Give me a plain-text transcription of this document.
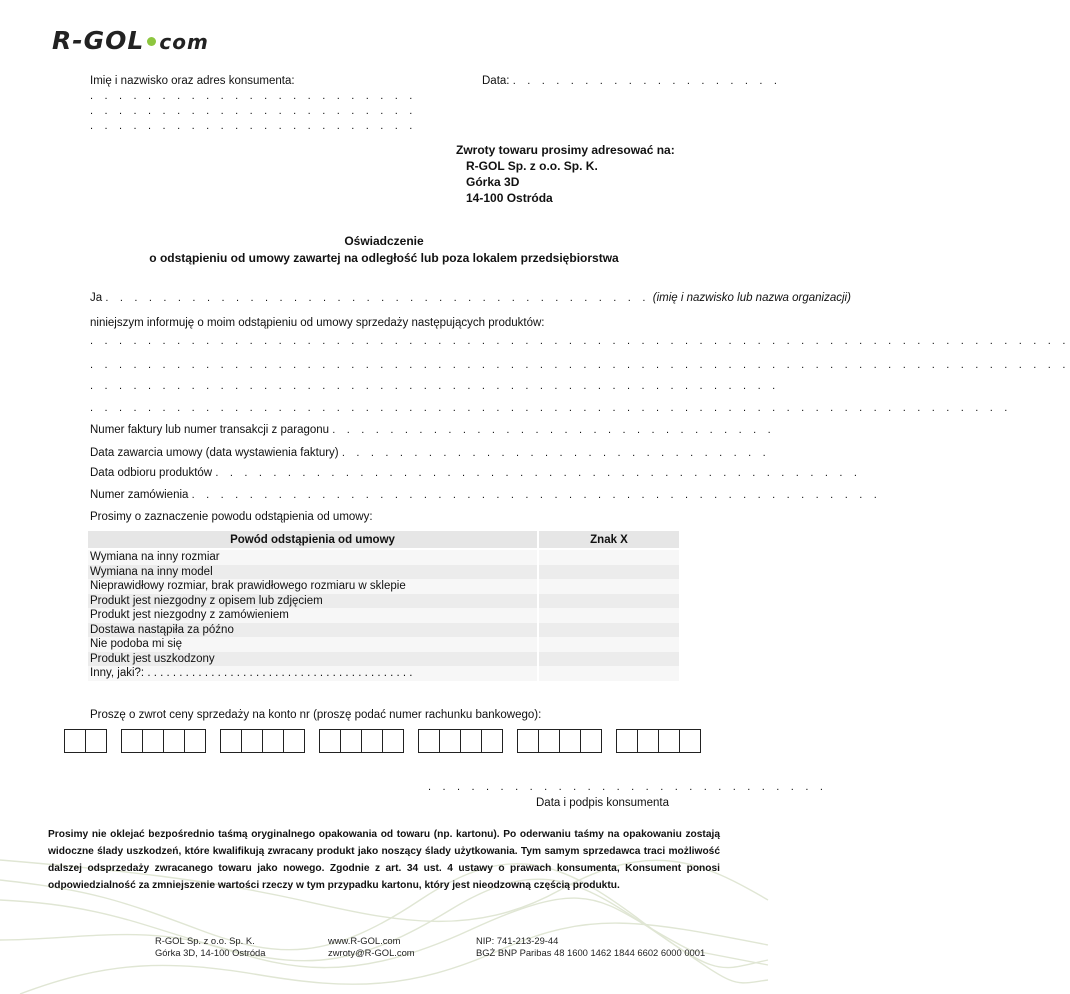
R-GOL com
Imię i nazwisko oraz adres konsumenta:
. . . . . . . . . . . . . . . . . . . . . . .
. . . . . . . . . . . . . . . . . . . . . . .
. . . . . . . . . . . . . . . . . . . . . . .
Data: . . . . . . . . . . . . . . . . . . .
Zwroty towaru prosimy adresować na:
R-GOL Sp. z o.o. Sp. K.
Górka 3D
14-100 Ostróda
Oświadczenie
o odstąpieniu od umowy zawartej na odległość lub poza lokalem przedsiębiorstwa
Ja . . . . . . . . . . . . . . . . . . . . . . . . . . . . . . . . . . . . . . (imię i nazwisko lub nazwa organizacji)
niniejszym informuję o moim odstąpieniu od umowy sprzedaży następujących produktów:
. . . . . . . . . . . . . . . . . . . . . . . . . . . . . . . . . . . . . . . . . . . . . . . . . . . . . . . . . . . . . . . . . . . .
. . . . . . . . . . . . . . . . . . . . . . . . . . . . . . . . . . . . . . . . . . . . . . . . . . . . . . . . . . . . . . . . . . . .
. . . . . . . . . . . . . . . . . . . . . . . . . . . . . . . . . . . . . . . . . . . . . . . .
. . . . . . . . . . . . . . . . . . . . . . . . . . . . . . . . . . . . . . . . . . . . . . . . . . . . . . . . . . . . . . . .
Numer faktury lub numer transakcji z paragonu . . . . . . . . . . . . . . . . . . . . . . . . . . . . . . .
Data zawarcia umowy (data wystawienia faktury) . . . . . . . . . . . . . . . . . . . . . . . . . . . . . .
Data odbioru produktów . . . . . . . . . . . . . . . . . . . . . . . . . . . . . . . . . . . . . . . . . . . . .
Numer zamówienia . . . . . . . . . . . . . . . . . . . . . . . . . . . . . . . . . . . . . . . . . . . . . . . .
Prosimy o zaznaczenie powodu odstąpienia od umowy:
Powód odstąpienia od umowy	Znak X
Wymiana na inny rozmiar	
Wymiana na inny model	
Nieprawidłowy rozmiar, brak prawidłowego rozmiaru w sklepie	
Produkt jest niezgodny z opisem lub zdjęciem	
Produkt jest niezgodny z zamówieniem	
Dostawa nastąpiła za późno	
Nie podoba mi się	
Produkt jest uszkodzony	
Inny, jaki?: . . . . . . . . . . . . . . . . . . . . . . . . . . . . . . . . . . . . . . . . . .	
Proszę o zwrot ceny sprzedaży na konto nr (proszę podać numer rachunku bankowego):
. . . . . . . . . . . . . . . . . . . . . . . . . . . .
Data i podpis konsumenta
Prosimy nie oklejać bezpośrednio taśmą oryginalnego opakowania od towaru (np. kartonu). Po oderwaniu taśmy na opakowaniu zostają widoczne ślady uszkodzeń, które kwalifikują zwracany produkt jako noszący ślady użytkowania. Tym samym sprzedawca traci możliwość dalszej odsprzedaży zwracanego towaru jako nowego. Zgodnie z art. 34 ust. 4 ustawy o prawach konsumenta, Konsument ponosi odpowiedzialność za zmniejszenie wartości rzeczy w tym przypadku kartonu, który jest nieodzowną częścią produktu.
R-GOL Sp. z o.o. Sp. K.
Górka 3D, 14-100 Ostróda
www.R-GOL.com
zwroty@R-GOL.com
NIP: 741-213-29-44
BGŻ BNP Paribas 48 1600 1462 1844 6602 6000 0001
